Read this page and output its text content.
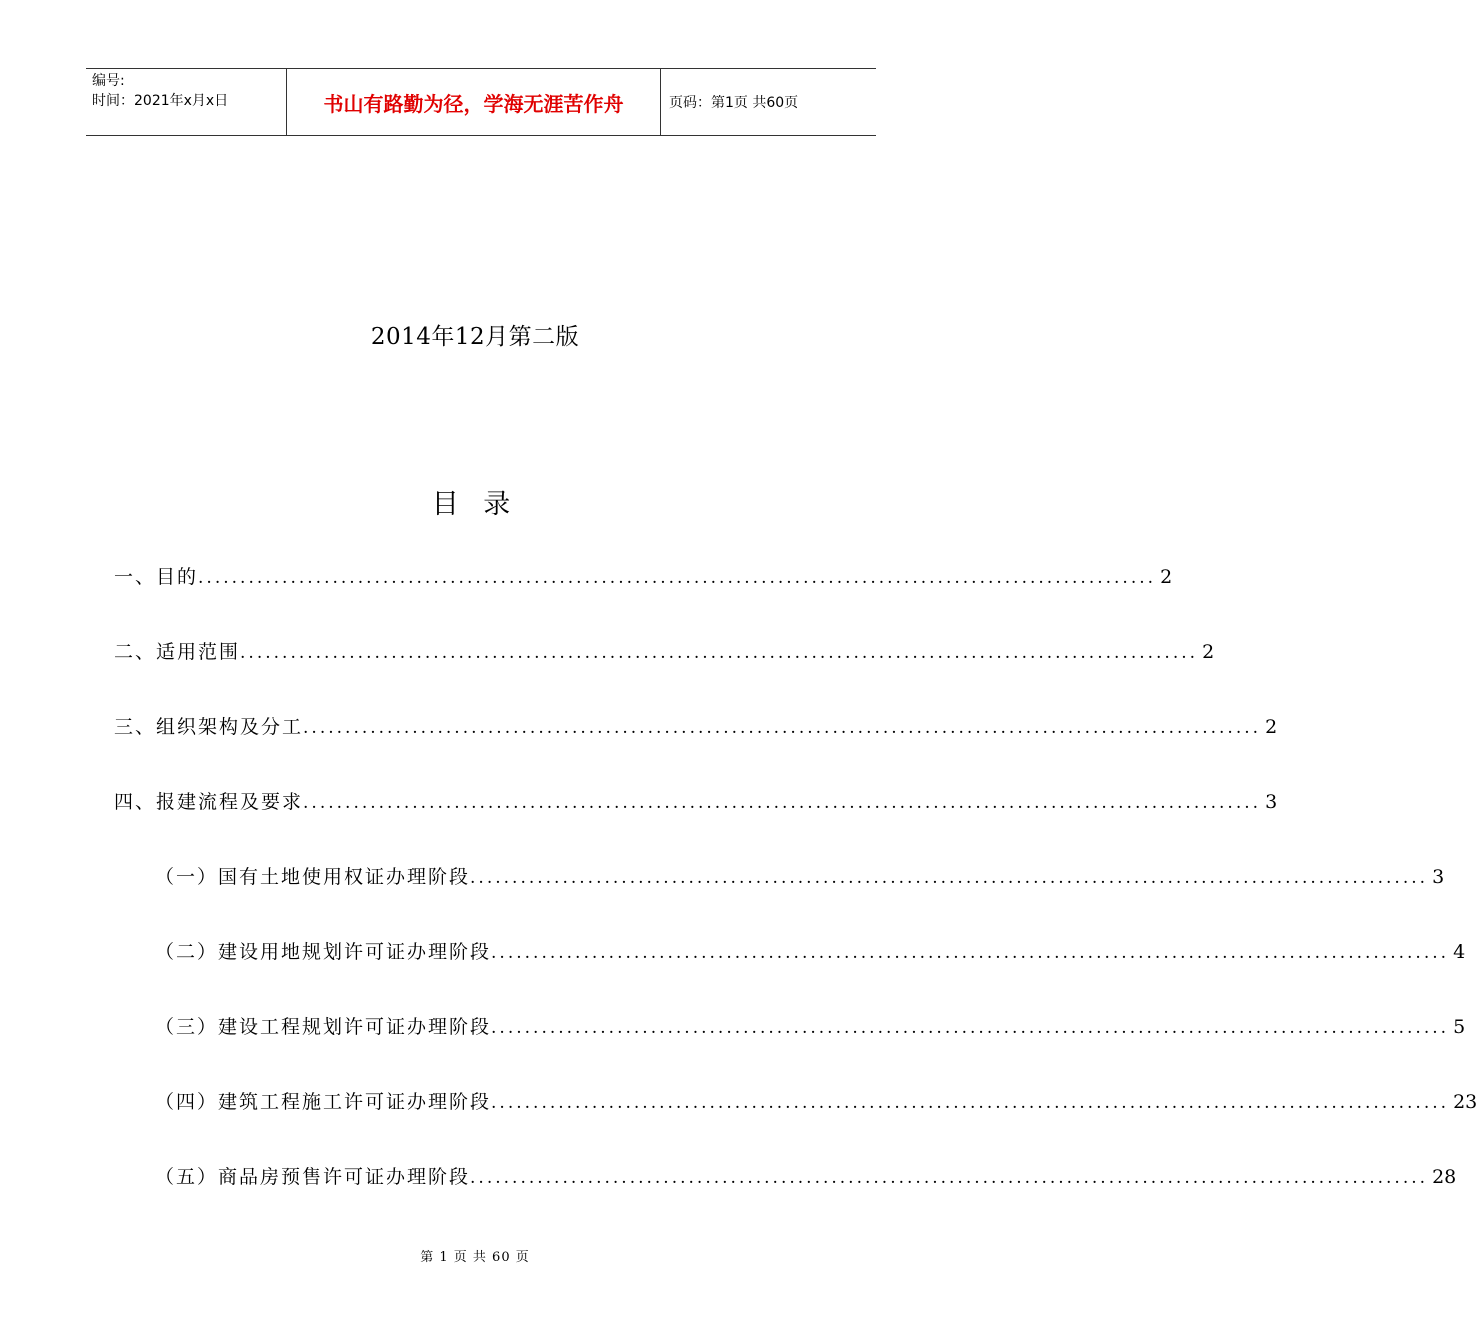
编号:
时间：2021年x月x日	书山有路勤为径，学海无涯苦作舟	页码：第1页 共60页
2014年12月第二版
目 录
一、目的 .................................................................................................................. 2
二、适用范围 .................................................................................................................. 2
三、组织架构及分工 .................................................................................................................. 2
四、报建流程及要求 .................................................................................................................. 3
（一）国有土地使用权证办理阶段 .................................................................................................................. 3
（二）建设用地规划许可证办理阶段 .................................................................................................................. 4
（三）建设工程规划许可证办理阶段 .................................................................................................................. 5
（四）建筑工程施工许可证办理阶段 .................................................................................................................. 23
（五）商品房预售许可证办理阶段 .................................................................................................................. 28
第 1 页 共 60 页
